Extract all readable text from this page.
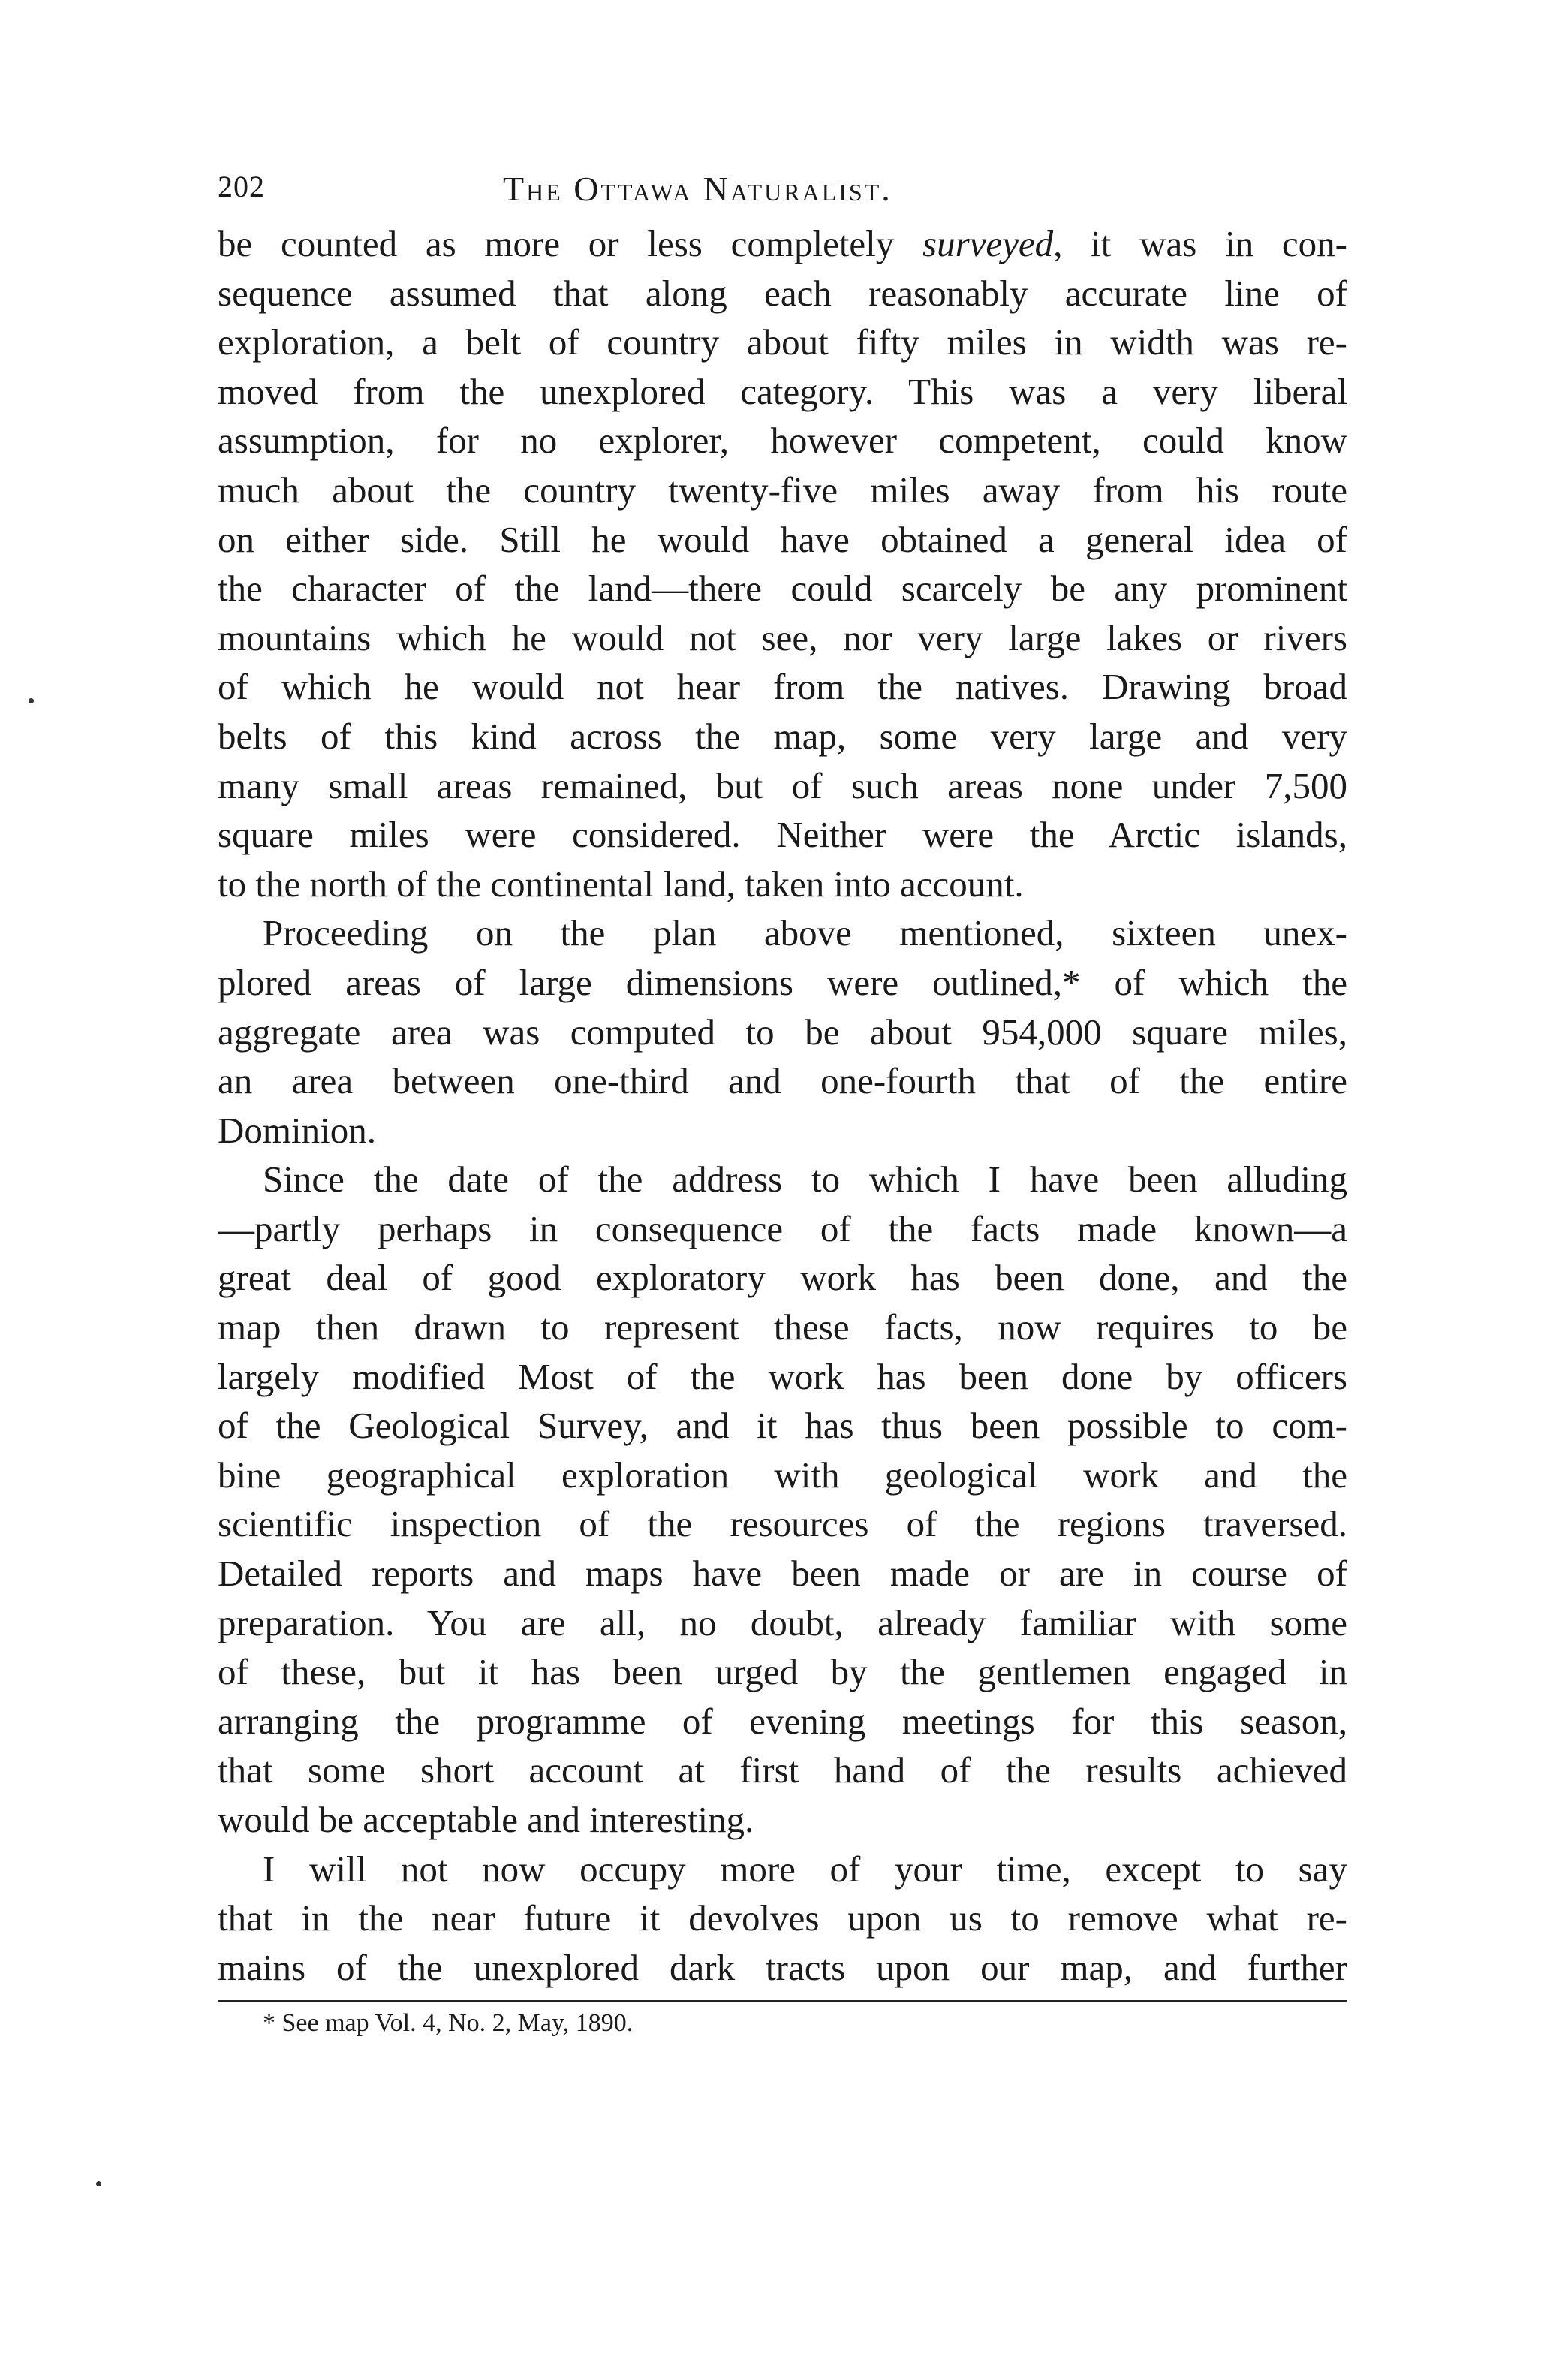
202	The Ottawa Naturalist.
be counted as more or less completely surveyed, it was in con-
sequence assumed that along each reasonably accurate line of
exploration, a belt of country about fifty miles in width was re-
moved from the unexplored category. This was a very liberal
assumption, for no explorer, however competent, could know
much about the country twenty-five miles away from his route
on either side. Still he would have obtained a general idea of
the character of the land—there could scarcely be any prominent
mountains which he would not see, nor very large lakes or rivers
of which he would not hear from the natives. Drawing broad
belts of this kind across the map, some very large and very
many small areas remained, but of such areas none under 7,500
square miles were considered. Neither were the Arctic islands,
to the north of the continental land, taken into account.
Proceeding on the plan above mentioned, sixteen unex-
plored areas of large dimensions were outlined,* of which the
aggregate area was computed to be about 954,000 square miles,
an area between one-third and one-fourth that of the entire
Dominion.
Since the date of the address to which I have been alluding
—partly perhaps in consequence of the facts made known—a
great deal of good exploratory work has been done, and the
map then drawn to represent these facts, now requires to be
largely modified Most of the work has been done by officers
of the Geological Survey, and it has thus been possible to com-
bine geographical exploration with geological work and the
scientific inspection of the resources of the regions traversed.
Detailed reports and maps have been made or are in course of
preparation. You are all, no doubt, already familiar with some
of these, but it has been urged by the gentlemen engaged in
arranging the programme of evening meetings for this season,
that some short account at first hand of the results achieved
would be acceptable and interesting.
I will not now occupy more of your time, except to say
that in the near future it devolves upon us to remove what re-
mains of the unexplored dark tracts upon our map, and further
* See map Vol. 4, No. 2, May, 1890.
